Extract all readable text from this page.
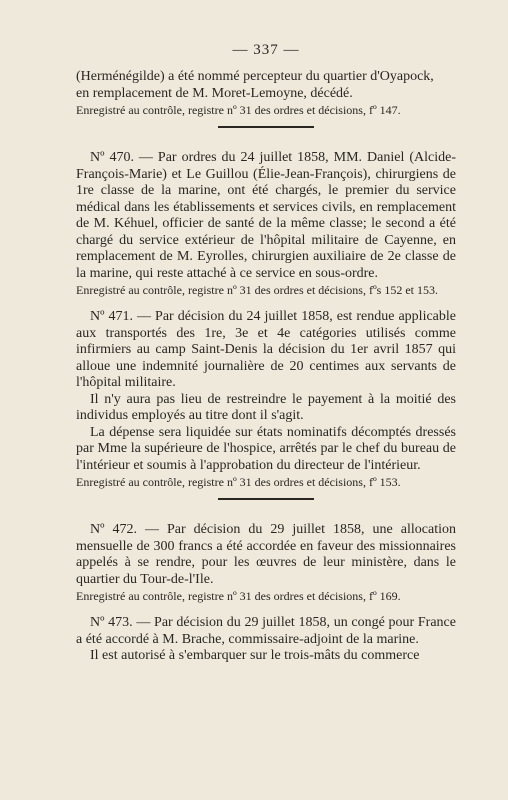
— 337 —

(Herménégilde) a été nommé percepteur du quartier d'Oyapock,

en remplacement de M. Moret-Lemoyne, décédé.

Enregistré au contrôle, registre nº 31 des ordres et décisions, fº 147.

Nº 470. — Par ordres du 24 juillet 1858, MM. Daniel (Alcide-François-Marie) et Le Guillou (Élie-Jean-François), chirurgiens de 1re classe de la marine, ont été chargés, le premier du service médical dans les établissements et services civils, en remplacement de M. Kéhuel, officier de santé de la même classe; le second a été chargé du service extérieur de l'hôpital militaire de Cayenne, en remplacement de M. Eyrolles, chirurgien auxiliaire de 2e classe de la marine, qui reste attaché à ce service en sous-ordre.

Enregistré au contrôle, registre nº 31 des ordres et décisions, fºs 152 et 153.

Nº 471. — Par décision du 24 juillet 1858, est rendue applicable aux transportés des 1re, 3e et 4e catégories utilisés comme infirmiers au camp Saint-Denis la décision du 1er avril 1857 qui alloue une indemnité journalière de 20 centimes aux servants de l'hôpital militaire.

Il n'y aura pas lieu de restreindre le payement à la moitié des individus employés au titre dont il s'agit.

La dépense sera liquidée sur états nominatifs décomptés dressés par Mme la supérieure de l'hospice, arrêtés par le chef du bureau de l'intérieur et soumis à l'approbation du directeur de l'intérieur.

Enregistré au contrôle, registre nº 31 des ordres et décisions, fº 153.

Nº 472. — Par décision du 29 juillet 1858, une allocation mensuelle de 300 francs a été accordée en faveur des missionnaires appelés à se rendre, pour les œuvres de leur ministère, dans le quartier du Tour-de-l'Ile.

Enregistré au contrôle, registre nº 31 des ordres et décisions, fº 169.

Nº 473. — Par décision du 29 juillet 1858, un congé pour France a été accordé à M. Brache, commissaire-adjoint de la marine.

Il est autorisé à s'embarquer sur le trois-mâts du commerce
